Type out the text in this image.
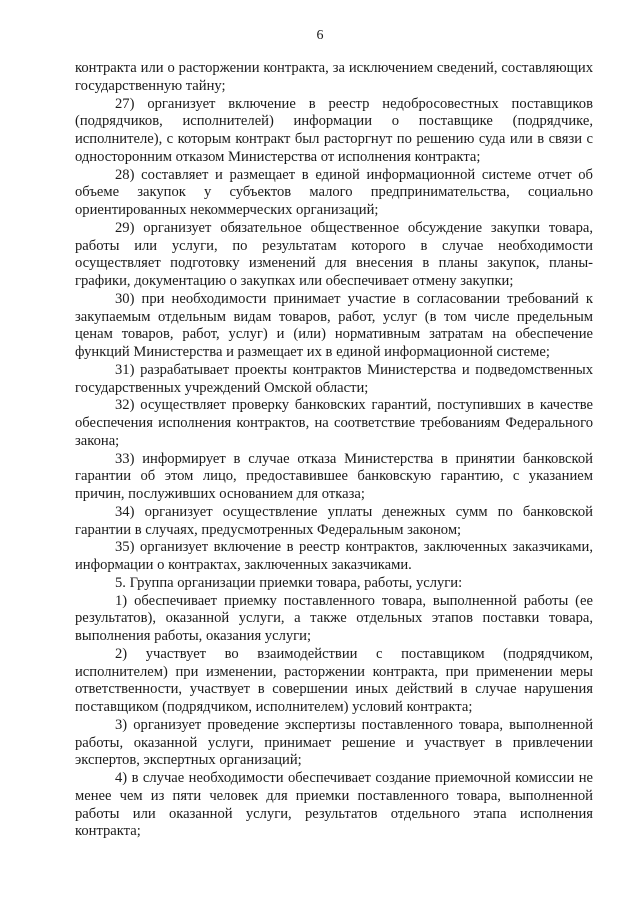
6

контракта или о расторжении контракта, за исключением сведений, составляющих государственную тайну;

27) организует включение в реестр недобросовестных поставщиков (подрядчиков, исполнителей) информации о поставщике (подрядчике, исполнителе), с которым контракт был расторгнут по решению суда или в связи с односторонним отказом Министерства от исполнения контракта;

28) составляет и размещает в единой информационной системе отчет об объеме закупок у субъектов малого предпринимательства, социально ориентированных некоммерческих организаций;

29) организует обязательное общественное обсуждение закупки товара, работы или услуги, по результатам которого в случае необходимости осуществляет подготовку изменений для внесения в планы закупок, планы-графики, документацию о закупках или обеспечивает отмену закупки;

30) при необходимости принимает участие в согласовании требований к закупаемым отдельным видам товаров, работ, услуг (в том числе предельным ценам товаров, работ, услуг) и (или) нормативным затратам на обеспечение функций Министерства и размещает их в единой информационной системе;

31) разрабатывает проекты контрактов Министерства и подведомственных государственных учреждений Омской области;

32) осуществляет проверку банковских гарантий, поступивших в качестве обеспечения исполнения контрактов, на соответствие требованиям Федерального закона;

33) информирует в случае отказа Министерства в принятии банковской гарантии об этом лицо, предоставившее банковскую гарантию, с указанием причин, послуживших основанием для отказа;

34) организует осуществление уплаты денежных сумм по банковской гарантии в случаях, предусмотренных Федеральным законом;

35) организует включение в реестр контрактов, заключенных заказчиками, информации о контрактах, заключенных заказчиками.

5. Группа организации приемки товара, работы, услуги:

1) обеспечивает приемку поставленного товара, выполненной работы (ее результатов), оказанной услуги, а также отдельных этапов поставки товара, выполнения работы, оказания услуги;

2) участвует во взаимодействии с поставщиком (подрядчиком, исполнителем) при изменении, расторжении контракта, при применении меры ответственности, участвует в совершении иных действий в случае нарушения поставщиком (подрядчиком, исполнителем) условий контракта;

3) организует проведение экспертизы поставленного товара, выполненной работы, оказанной услуги, принимает решение и участвует в привлечении экспертов, экспертных организаций;

4) в случае необходимости обеспечивает создание приемочной комиссии не менее чем из пяти человек для приемки поставленного товара, выполненной работы или оказанной услуги, результатов отдельного этапа исполнения контракта;
